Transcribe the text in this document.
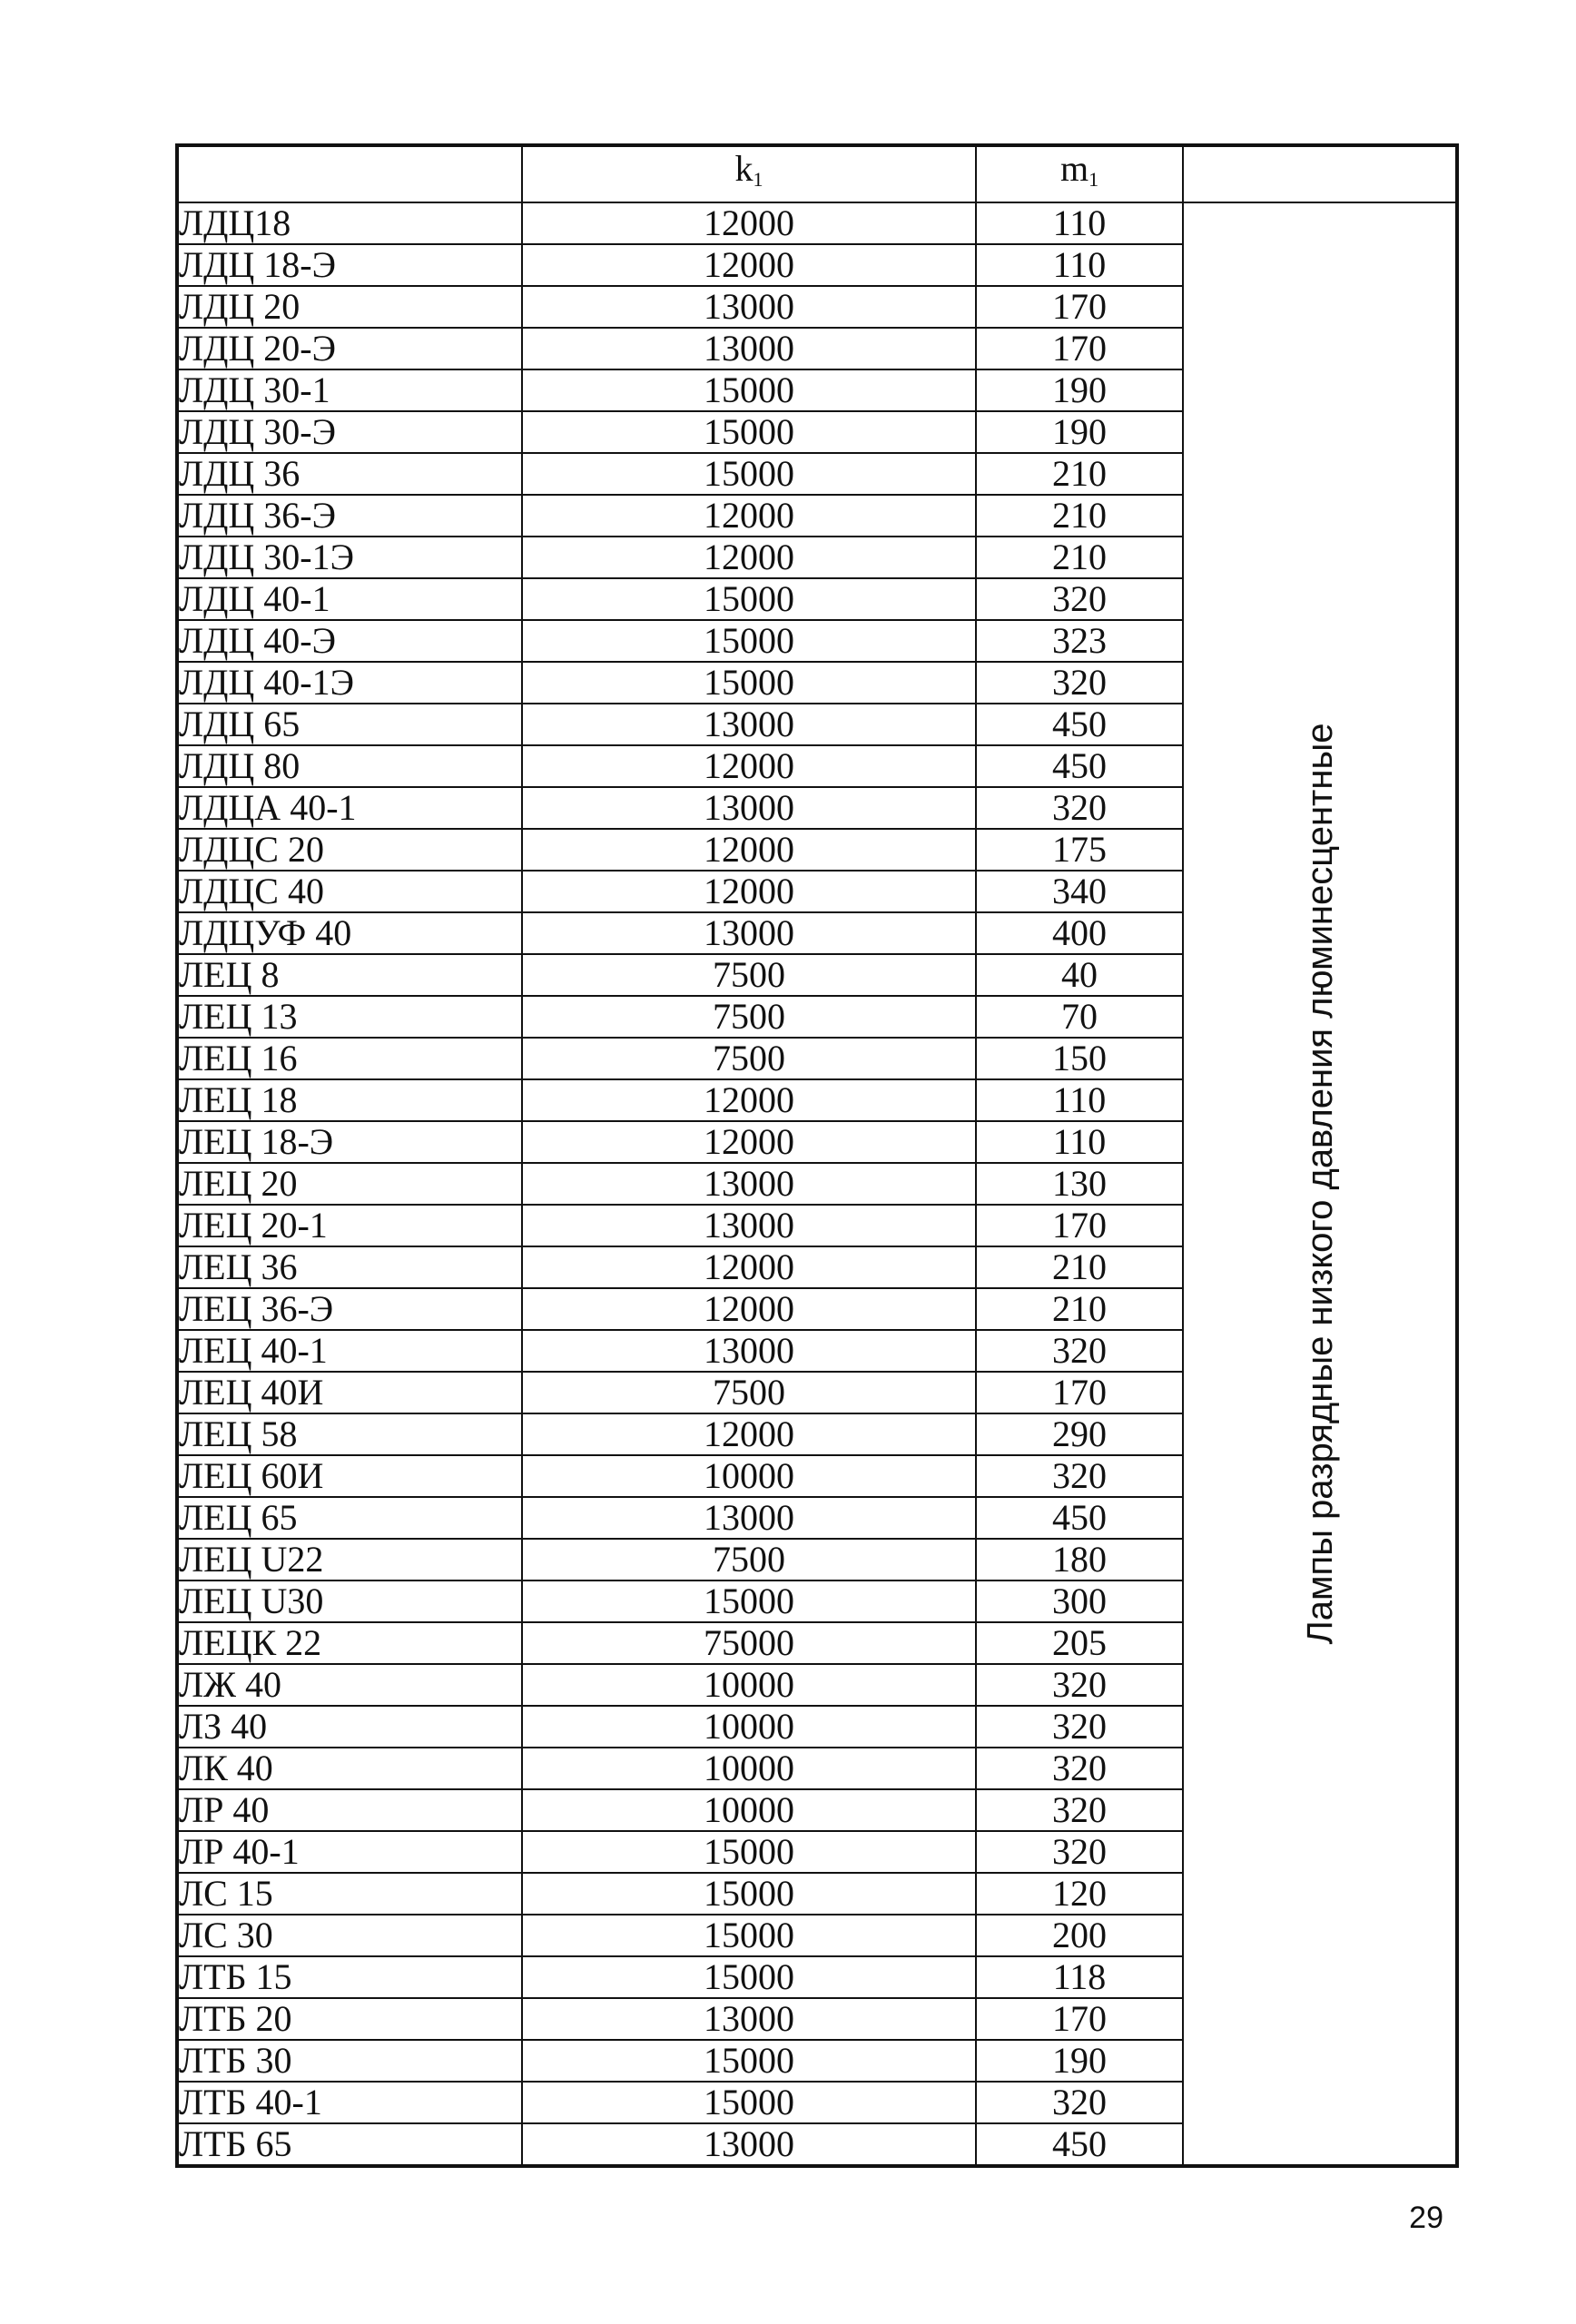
	$k_1$	$m_1$	
ЛДЦ18	12000	110	Лампы разрядные низкого давления люминесцентные

ЛДЦ 18-Э	12000	110	
ЛДЦ 20	13000	170	
ЛДЦ 20-Э	13000	170	
ЛДЦ 30-1	15000	190	
ЛДЦ 30-Э	15000	190	
ЛДЦ 36	15000	210	
ЛДЦ 36-Э	12000	210	
ЛДЦ 30-1Э	12000	210	
ЛДЦ 40-1	15000	320	
ЛДЦ 40-Э	15000	323	
ЛДЦ 40-1Э	15000	320	
ЛДЦ 65	13000	450	
ЛДЦ 80	12000	450	
ЛДЦА 40-1	13000	320	
ЛДЦС 20	12000	175	
ЛДЦС 40	12000	340	
ЛДЦУФ 40	13000	400	
ЛЕЦ 8	7500	40	
ЛЕЦ 13	7500	70	
ЛЕЦ 16	7500	150	
ЛЕЦ 18	12000	110	
ЛЕЦ 18-Э	12000	110	
ЛЕЦ 20	13000	130	
ЛЕЦ 20-1	13000	170	
ЛЕЦ 36	12000	210	
ЛЕЦ 36-Э	12000	210	
ЛЕЦ 40-1	13000	320	
ЛЕЦ 40И	7500	170	
ЛЕЦ 58	12000	290	
ЛЕЦ 60И	10000	320	
ЛЕЦ 65	13000	450	
ЛЕЦ U22	7500	180	
ЛЕЦ U30	15000	300	
ЛЕЦК 22	75000	205	
ЛЖ 40	10000	320	
ЛЗ 40	10000	320	
ЛК 40	10000	320	
ЛР 40	10000	320	
ЛР 40-1	15000	320	
ЛС 15	15000	120	
ЛС 30	15000	200	
ЛТБ 15	15000	118	
ЛТБ 20	13000	170	
ЛТБ 30	15000	190	
ЛТБ 40-1	15000	320	
ЛТБ 65	13000	450	
29
